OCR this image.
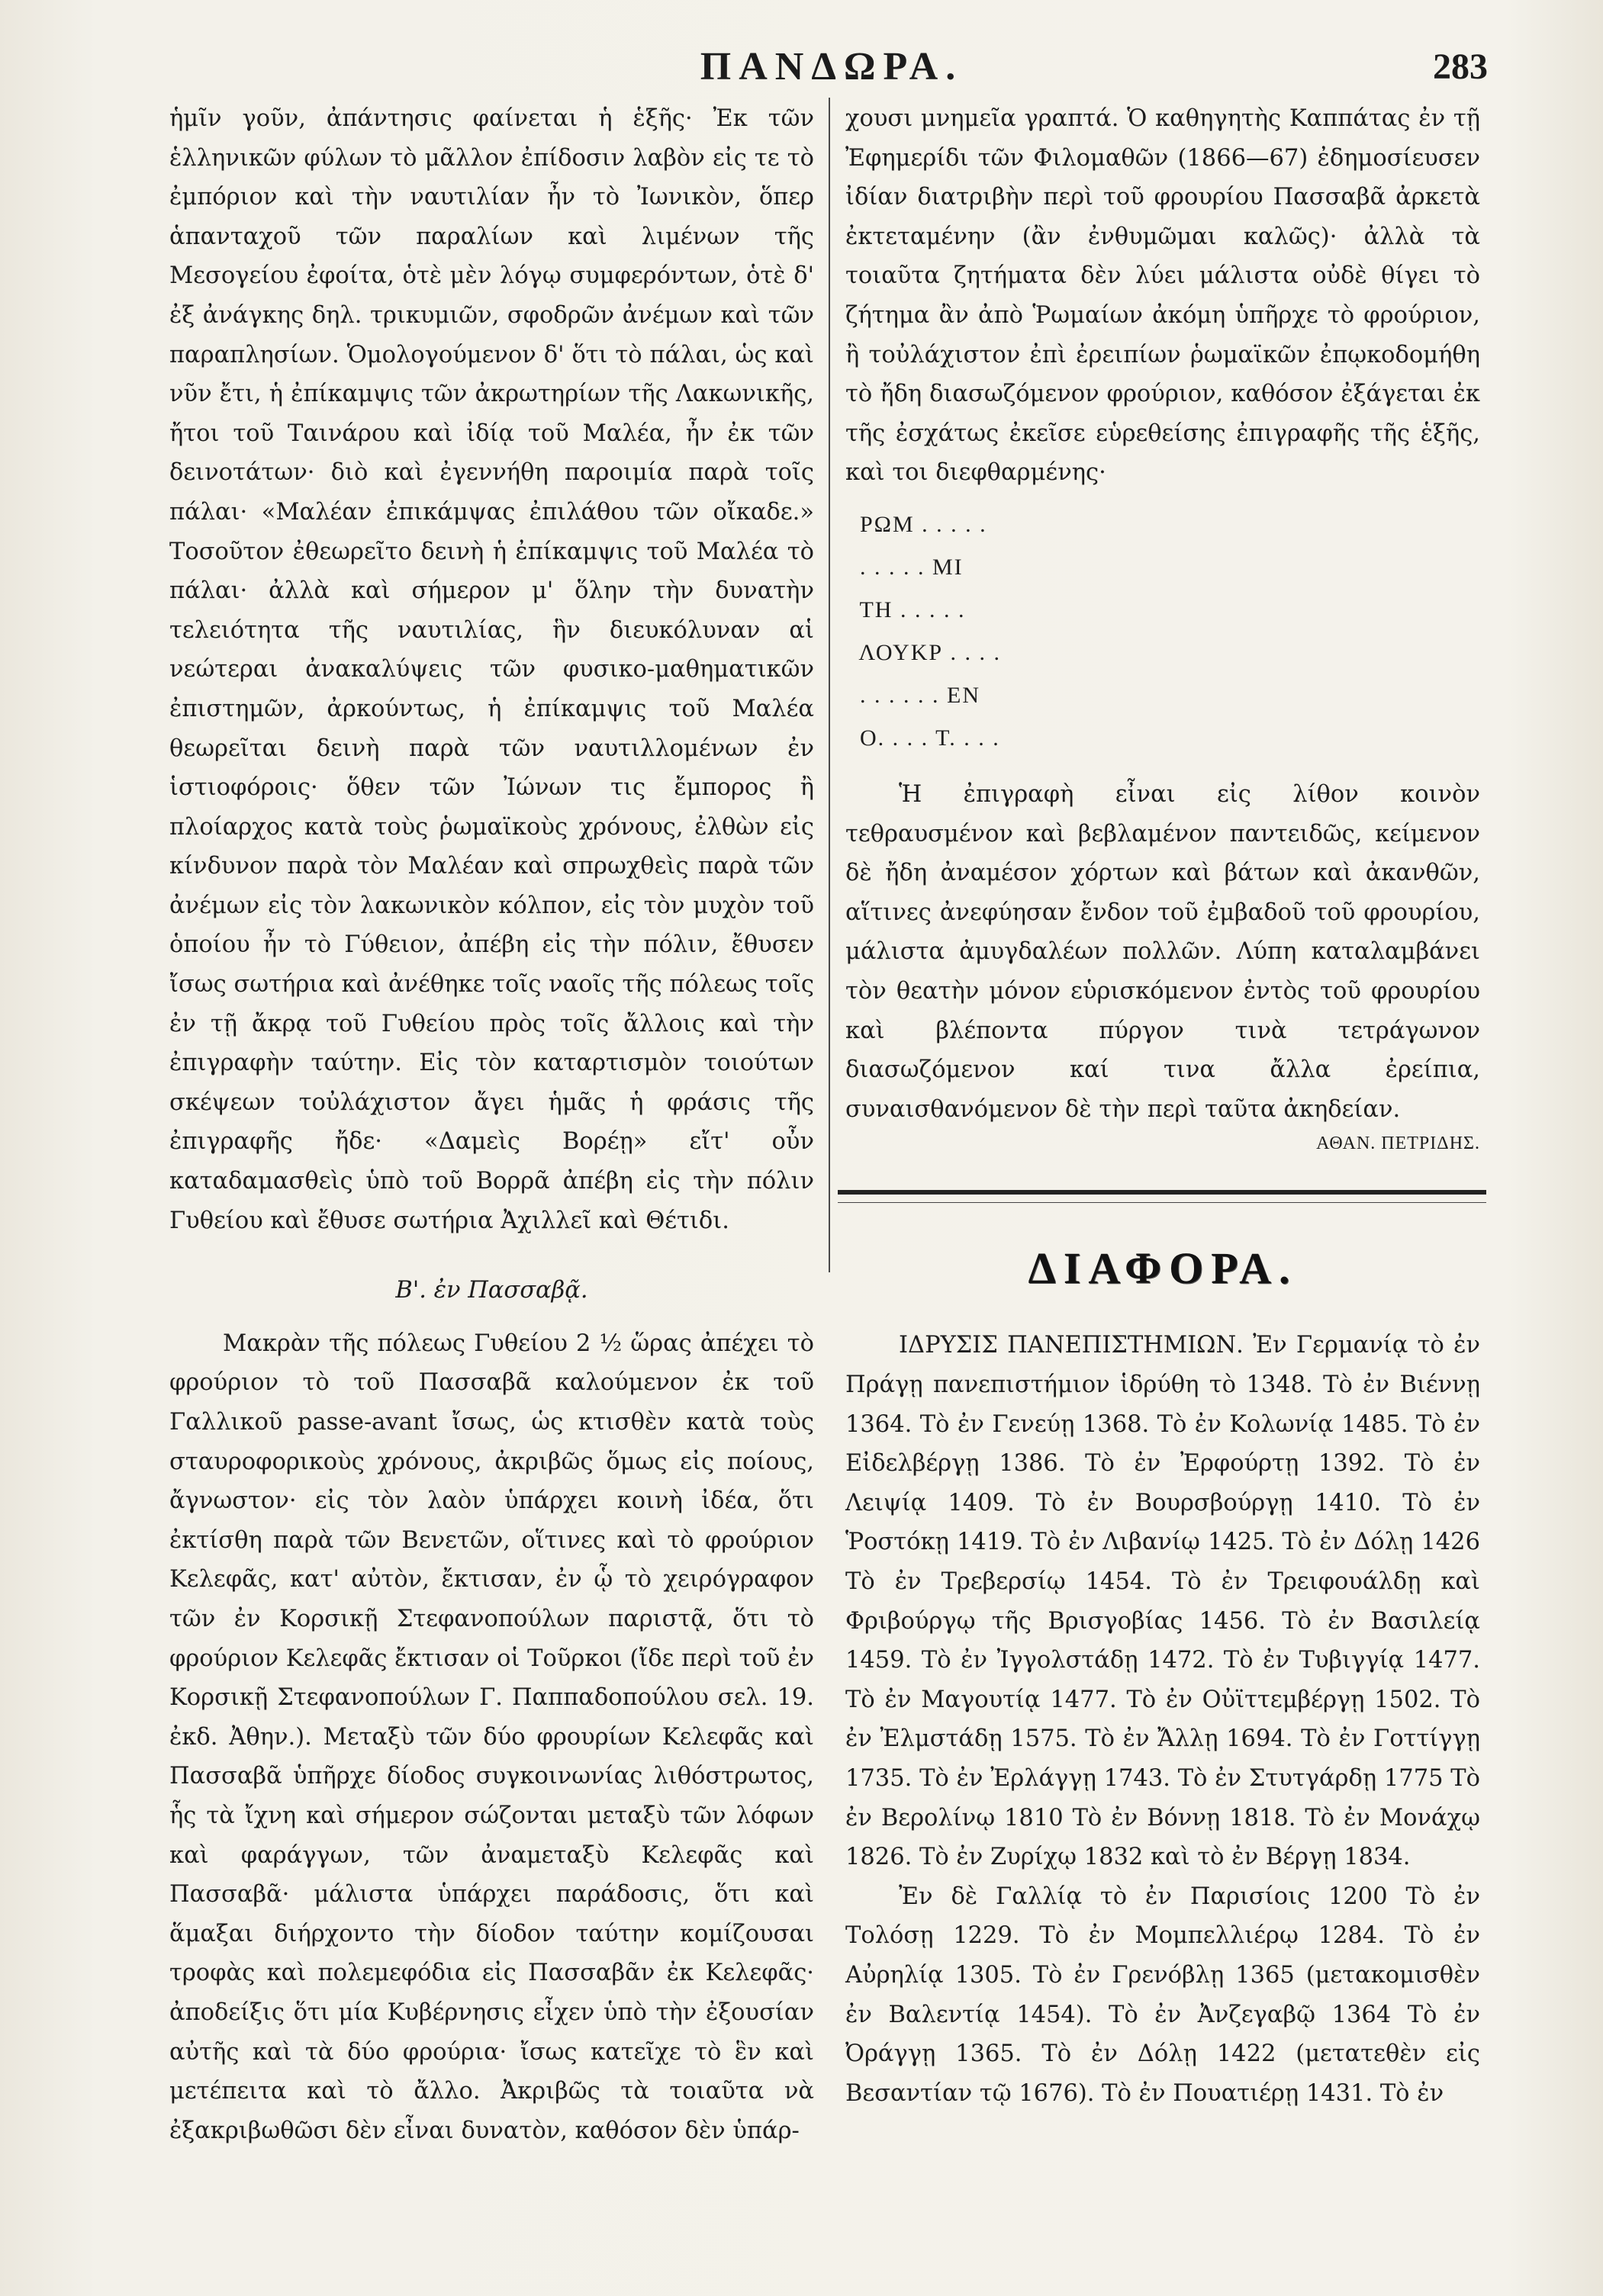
ΠΑΝΔΩΡΑ.	283

ἡμῖν γοῦν, ἀπάντησις φαίνεται ἡ ἑξῆς· Ἐκ τῶν ἑλληνικῶν φύλων τὸ μᾶλλον ἐπίδοσιν λαβὸν εἰς τε τὸ ἐμπόριον καὶ τὴν ναυτιλίαν ἦν τὸ Ἰωνικὸν, ὅπερ ἁπανταχοῦ τῶν παραλίων καὶ λιμένων τῆς Μεσογείου ἐφοίτα, ὁτὲ μὲν λόγῳ συμφερόντων, ὁτὲ δ' ἐξ ἀνάγκης δηλ. τρικυμιῶν, σφοδρῶν ἀνέμων καὶ τῶν παραπλησίων. Ὁμολογούμενον δ' ὅτι τὸ πάλαι, ὡς καὶ νῦν ἔτι, ἡ ἐπίκαμψις τῶν ἀκρωτηρίων τῆς Λακωνικῆς, ἤτοι τοῦ Ταινάρου καὶ ἰδίᾳ τοῦ Μαλέα, ἦν ἐκ τῶν δεινοτάτων· διὸ καὶ ἐγεννήθη παροιμία παρὰ τοῖς πάλαι· «Μαλέαν ἐπικάμψας ἐπιλάθου τῶν οἴκαδε.» Τοσοῦτον ἐθεωρεῖτο δεινὴ ἡ ἐπίκαμψις τοῦ Μαλέα τὸ πάλαι· ἀλλὰ καὶ σήμερον μ' ὅλην τὴν δυνατὴν τελειότητα τῆς ναυτιλίας, ἣν διευκόλυναν αἱ νεώτεραι ἀνακαλύψεις τῶν φυσικο-μαθηματικῶν ἐπιστημῶν, ἀρκούντως, ἡ ἐπίκαμψις τοῦ Μαλέα θεωρεῖται δεινὴ παρὰ τῶν ναυτιλλομένων ἐν ἱστιοφόροις· ὅθεν τῶν Ἰώνων τις ἔμπορος ἢ πλοίαρχος κατὰ τοὺς ῥωμαϊκοὺς χρόνους, ἐλθὼν εἰς κίνδυνον παρὰ τὸν Μαλέαν καὶ σπρωχθεὶς παρὰ τῶν ἀνέμων εἰς τὸν λακωνικὸν κόλπον, εἰς τὸν μυχὸν τοῦ ὁποίου ἦν τὸ Γύθειον, ἀπέβη εἰς τὴν πόλιν, ἔθυσεν ἴσως σωτήρια καὶ ἀνέθηκε τοῖς ναοῖς τῆς πόλεως τοῖς ἐν τῇ ἄκρᾳ τοῦ Γυθείου πρὸς τοῖς ἄλλοις καὶ τὴν ἐπιγραφὴν ταύτην. Εἰς τὸν καταρτισμὸν τοιούτων σκέψεων τοὐλάχιστον ἄγει ἡμᾶς ἡ φράσις τῆς ἐπιγραφῆς ἤδε· «Δαμεὶς Βορέῃ» εἴτ' οὖν καταδαμασθεὶς ὑπὸ τοῦ Βορρᾶ ἀπέβη εἰς τὴν πόλιν Γυθείου καὶ ἔθυσε σωτήρια Ἀχιλλεῖ καὶ Θέτιδι.

Β'. ἐν Πασσαβᾷ.

Μακρὰν τῆς πόλεως Γυθείου 2 ½ ὥρας ἀπέχει τὸ φρούριον τὸ τοῦ Πασσαβᾶ καλούμενον ἐκ τοῦ Γαλλικοῦ passe-avant ἴσως, ὡς κτισθὲν κατὰ τοὺς σταυροφορικοὺς χρόνους, ἀκριβῶς ὅμως εἰς ποίους, ἄγνωστον· εἰς τὸν λαὸν ὑπάρχει κοινὴ ἰδέα, ὅτι ἐκτίσθη παρὰ τῶν Βενετῶν, οἵτινες καὶ τὸ φρούριον Κελεφᾶς, κατ' αὐτὸν, ἔκτισαν, ἐν ᾧ τὸ χειρόγραφον τῶν ἐν Κορσικῇ Στεφανοπούλων παριστᾷ, ὅτι τὸ φρούριον Κελεφᾶς ἔκτισαν οἱ Τοῦρκοι (ἴδε περὶ τοῦ ἐν Κορσικῇ Στεφανοπούλων Γ. Παππαδοπούλου σελ. 19. ἐκδ. Ἀθην.). Μεταξὺ τῶν δύο φρουρίων Κελεφᾶς καὶ Πασσαβᾶ ὑπῆρχε δίοδος συγκοινωνίας λιθόστρωτος, ἧς τὰ ἴχνη καὶ σήμερον σώζονται μεταξὺ τῶν λόφων καὶ φαράγγων, τῶν ἀναμεταξὺ Κελεφᾶς καὶ Πασσαβᾶ· μάλιστα ὑπάρχει παράδοσις, ὅτι καὶ ἅμαξαι διήρχοντο τὴν δίοδον ταύτην κομίζουσαι τροφὰς καὶ πολεμεφόδια εἰς Πασσαβᾶν ἐκ Κελεφᾶς· ἀποδείξις ὅτι μία Κυβέρνησις εἶχεν ὑπὸ τὴν ἐξουσίαν αὐτῆς καὶ τὰ δύο φρούρια· ἴσως κατεῖχε τὸ ἓν καὶ μετέπειτα καὶ τὸ ἄλλο. Ἀκριβῶς τὰ τοιαῦτα νὰ ἐξακριβωθῶσι δὲν εἶναι δυνατὸν, καθόσον δὲν ὑπάρ-

χουσι μνημεῖα γραπτά. Ὁ καθηγητὴς Καππάτας ἐν τῇ Ἐφημερίδι τῶν Φιλομαθῶν (1866—67) ἐδημοσίευσεν ἰδίαν διατριβὴν περὶ τοῦ φρουρίου Πασσαβᾶ ἀρκετὰ ἐκτεταμένην (ἂν ἐνθυμῶμαι καλῶς)· ἀλλὰ τὰ τοιαῦτα ζητήματα δὲν λύει μάλιστα οὐδὲ θίγει τὸ ζήτημα ἂν ἀπὸ Ῥωμαίων ἀκόμη ὑπῆρχε τὸ φρούριον, ἢ τοὐλάχιστον ἐπὶ ἐρειπίων ῥωμαϊκῶν ἐπῳκοδομήθη τὸ ἤδη διασωζόμενον φρούριον, καθόσον ἐξάγεται ἐκ τῆς ἐσχάτως ἐκεῖσε εὑρεθείσης ἐπιγραφῆς τῆς ἑξῆς, καὶ τοι διεφθαρμένης·

ΡΩΜ . . . . .
. . . . . ΜΙ
ΤΗ . . . . .
ΛΟΥΚΡ . . . .
. . . . . . ΕΝ
Ο. . . . Τ. . . .

Ἡ ἐπιγραφὴ εἶναι εἰς λίθον κοινὸν τεθραυσμένον καὶ βεβλαμένον παντειδῶς, κείμενον δὲ ἤδη ἀναμέσον χόρτων καὶ βάτων καὶ ἀκανθῶν, αἵτινες ἀνεφύησαν ἔνδον τοῦ ἐμβαδοῦ τοῦ φρουρίου, μάλιστα ἀμυγδαλέων πολλῶν. Λύπη καταλαμβάνει τὸν θεατὴν μόνον εὑρισκόμενον ἐντὸς τοῦ φρουρίου καὶ βλέποντα πύργον τινὰ τετράγωνον διασωζόμενον καί τινα ἄλλα ἐρείπια, συναισθανόμενον δὲ τὴν περὶ ταῦτα ἀκηδείαν.

ΑΘΑΝ. ΠΕΤΡΙΔΗΣ.
ΔΙΑΦΟΡΑ.

ΙΔΡΥΣΙΣ ΠΑΝΕΠΙΣΤΗΜΙΩΝ. Ἐν Γερμανίᾳ τὸ ἐν Πράγῃ πανεπιστήμιον ἱδρύθη τὸ 1348. Τὸ ἐν Βιέννῃ 1364. Τὸ ἐν Γενεύῃ 1368. Τὸ ἐν Κολωνίᾳ 1485. Τὸ ἐν Εἰδελβέργῃ 1386. Τὸ ἐν Ἐρφούρτῃ 1392. Τὸ ἐν Λειψίᾳ 1409. Τὸ ἐν Βουρσβούργῃ 1410. Τὸ ἐν Ῥοστόκῃ 1419. Τὸ ἐν Λιβανίῳ 1425. Τὸ ἐν Δόλῃ 1426 Τὸ ἐν Τρεβερσίῳ 1454. Τὸ ἐν Τρειφουάλδῃ καὶ Φριβούργῳ τῆς Βρισγοβίας 1456. Τὸ ἐν Βασιλείᾳ 1459. Τὸ ἐν Ἰγγολστάδῃ 1472. Τὸ ἐν Τυβιγγίᾳ 1477. Τὸ ἐν Μαγουτίᾳ 1477. Τὸ ἐν Οὐϊττεμβέργῃ 1502. Τὸ ἐν Ἐλμστάδῃ 1575. Τὸ ἐν Ἄλλῃ 1694. Τὸ ἐν Γοττίγγῃ 1735. Τὸ ἐν Ἐρλάγγῃ 1743. Τὸ ἐν Στυτγάρδῃ 1775 Τὸ ἐν Βερολίνῳ 1810 Τὸ ἐν Βόννῃ 1818. Τὸ ἐν Μονάχῳ 1826. Τὸ ἐν Ζυρίχῳ 1832 καὶ τὸ ἐν Βέργῃ 1834.

Ἐν δὲ Γαλλίᾳ τὸ ἐν Παρισίοις 1200 Τὸ ἐν Τολόσῃ 1229. Τὸ ἐν Μομπελλιέρῳ 1284. Τὸ ἐν Αὐρηλίᾳ 1305. Τὸ ἐν Γρενόβλῃ 1365 (μετακομισθὲν ἐν Βαλεντίᾳ 1454). Τὸ ἐν Ἀνζεγαβῷ 1364 Τὸ ἐν Ὀράγγῃ 1365. Τὸ ἐν Δόλῃ 1422 (μετατεθὲν εἰς Βεσαντίαν τῷ 1676). Τὸ ἐν Πουατιέρῃ 1431. Τὸ ἐν
